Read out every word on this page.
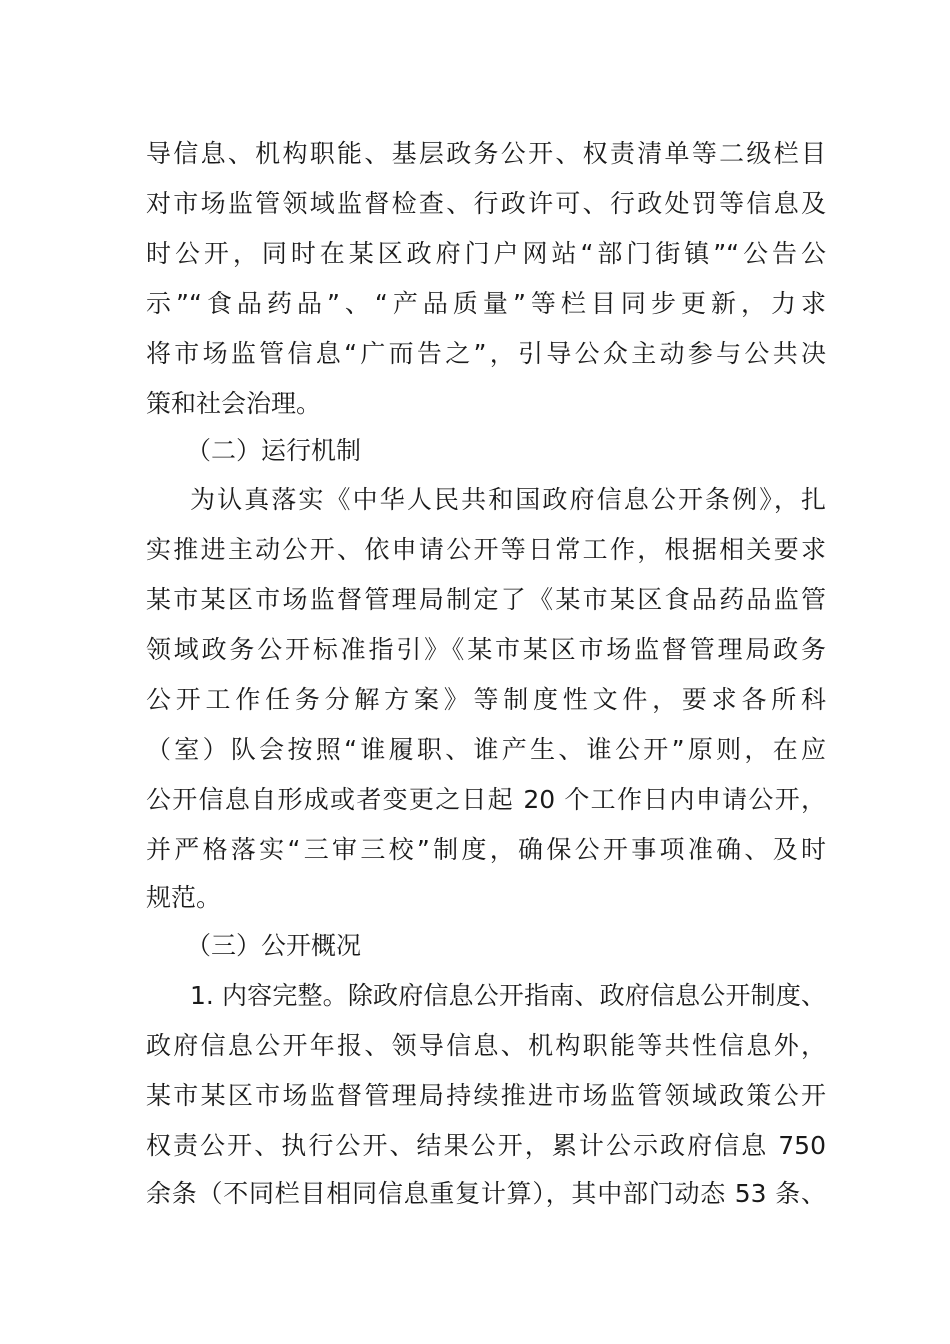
导信息、机构职能、基层政务公开、权责清单等二级栏目
对市场监管领域监督检查、行政许可、行政处罚等信息及
时公开，同时在某区政府门户网站“部门街镇”“公告公
示”“食品药品”、“产品质量”等栏目同步更新，力求
将市场监管信息“广而告之”，引导公众主动参与公共决
策和社会治理。
（二）运行机制
为认真落实《中华人民共和国政府信息公开条例》，扎
实推进主动公开、依申请公开等日常工作，根据相关要求
某市某区市场监督管理局制定了《某市某区食品药品监管
领域政务公开标准指引》《某市某区市场监督管理局政务
公开工作任务分解方案》等制度性文件，要求各所科
（室）队会按照“谁履职、谁产生、谁公开”原则，在应
公开信息自形成或者变更之日起 20 个工作日内申请公开，
并严格落实“三审三校”制度，确保公开事项准确、及时
规范。
（三）公开概况
1. 内容完整。除政府信息公开指南、政府信息公开制度、
政府信息公开年报、领导信息、机构职能等共性信息外，
某市某区市场监督管理局持续推进市场监管领域政策公开
权责公开、执行公开、结果公开，累计公示政府信息 750
余条（不同栏目相同信息重复计算），其中部门动态 53 条、
